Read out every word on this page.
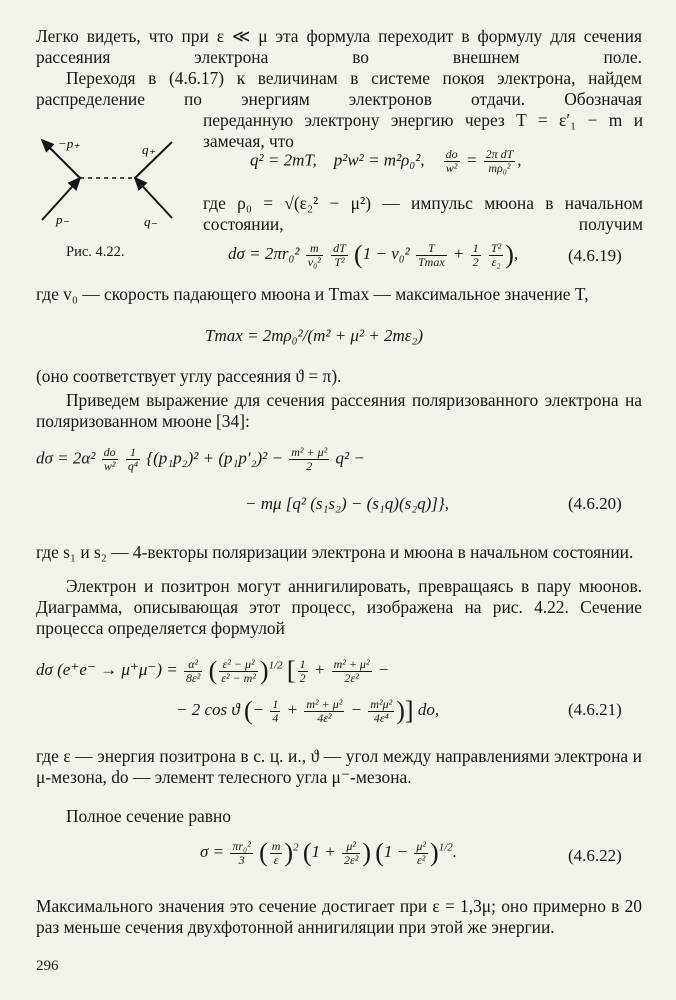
Легко видеть, что при ε ≪ μ эта формула переходит в формулу для сечения рассеяния электрона во внешнем поле.
Переходя в (4.6.17) к величинам в системе покоя электрона, найдем распределение по энергиям электронов отдачи. Обозначая
переданную электрону энергию через T = ε′₁ − m и замечая, что
−p₊	q₊
p₋	q₋
q² = 2mT, p²w² = m²ρ₀², $\frac{do}{\text{w²}} = \frac{\text{2π dT}}{\text{mρ₀²}}$ ,
где ρ₀ = √(ε₂² − μ²) — импульс мюона в начальном состоянии, получим
Рис. 4.22.	$d\sigma = 2\pi r_0^2 \frac{m}{\text{v₀²}}$
$\frac{dT}{\text{T²}} (1 - v_0^2 \frac{T}{Tmax} + \frac{1}{2}$
$\frac{\text{T²}}{\text{ε₂}}$ ),	(4.6.19)
где v₀ — скорость падающего мюона и Tmax — максимальное значение T,
Tmax = 2mρ₀²/(m² + μ² + 2mε₂)
(оно соответствует углу рассеяния ϑ = π).
Приведем выражение для сечения рассеяния поляризованного электрона на поляризованном мюоне [34]:
$d\sigma = 2\alpha^2 \frac{do}{\text{w²}}$
$\frac{1}{\text{q⁴}} \{(p_1p_2)^2 + (p_1p'_2)^2 - \frac{\text{m² + μ²}}{2} q^2$ −
− mμ [q² (s₁s₂) − (s₁q)(s₂q)]},	(4.6.20)
где s₁ и s₂ — 4-векторы поляризации электрона и мюона в начальном состоянии.
Электрон и позитрон могут аннигилировать, превращаясь в пару мюонов. Диаграмма, описывающая этот процесс, изображена на рис. 4.22. Сечение процесса определяется формулой
dσ $(e^+e^- \to \mu^+\mu^-) = \frac{\text{α²}}{\text{8ε²}}$ ( $\frac{\text{ε² − μ²}}{\text{ε² − m²}} )^{1/2}$ [ $\frac{1}{2} + \frac{\text{m² + μ²}}{\text{2ε²}}$ −
− 2 cos ϑ (− $\frac{1}{4} + \frac{\text{m² + μ²}}{\text{4ε²}} - \frac{\text{m²μ²}}{\text{4ε⁴}}$ )] do,	(4.6.21)
где ε — энергия позитрона в с. ц. и., ϑ — угол между направлениями электрона и μ-мезона, do — элемент телесного угла μ⁻-мезона.
Полное сечение равно
$\sigma = \frac{\text{πr₀²}}{3}$ ( $\frac{m}{\varepsilon} )^2$ ($1 + \frac{\text{μ²}}{\text{2ε²}}$ ) $(1 - \frac{\text{μ²}}{\text{ε²}} )^{1/2}$.	(4.6.22)
Максимального значения это сечение достигает при ε = 1,3μ; оно примерно в 20 раз меньше сечения двухфотонной аннигиляции при этой же энергии.
296
